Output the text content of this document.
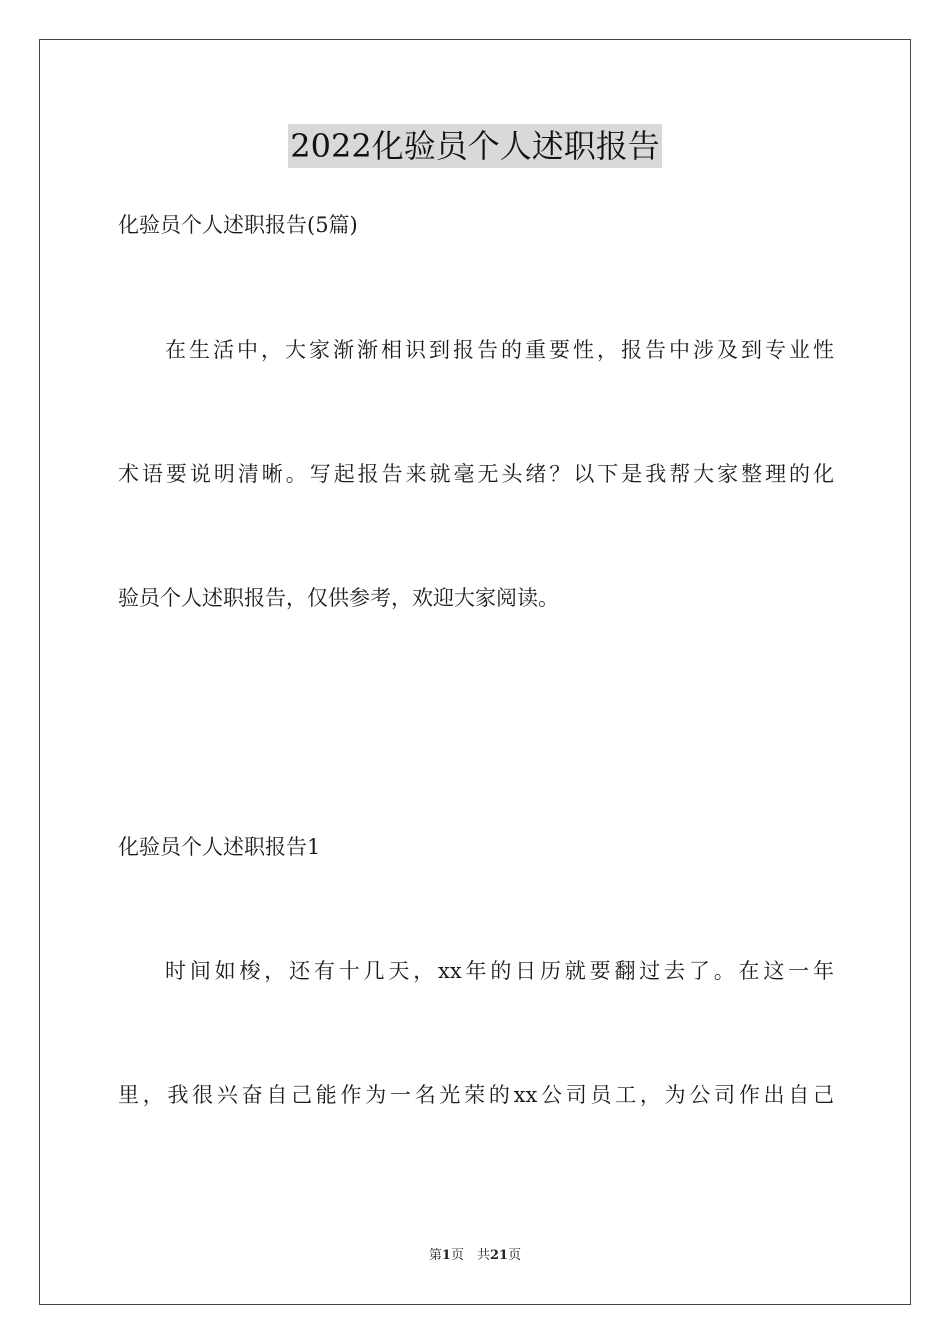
2022化验员个人述职报告
化验员个人述职报告(5篇)
在生活中，大家渐渐相识到报告的重要性，报告中涉及到专业性
术语要说明清晰。写起报告来就毫无头绪？以下是我帮大家整理的化
验员个人述职报告，仅供参考，欢迎大家阅读。
化验员个人述职报告1
时间如梭，还有十几天，xx年的日历就要翻过去了。在这一年
里，我很兴奋自己能作为一名光荣的xx公司员工，为公司作出自己
第1页　共21页
